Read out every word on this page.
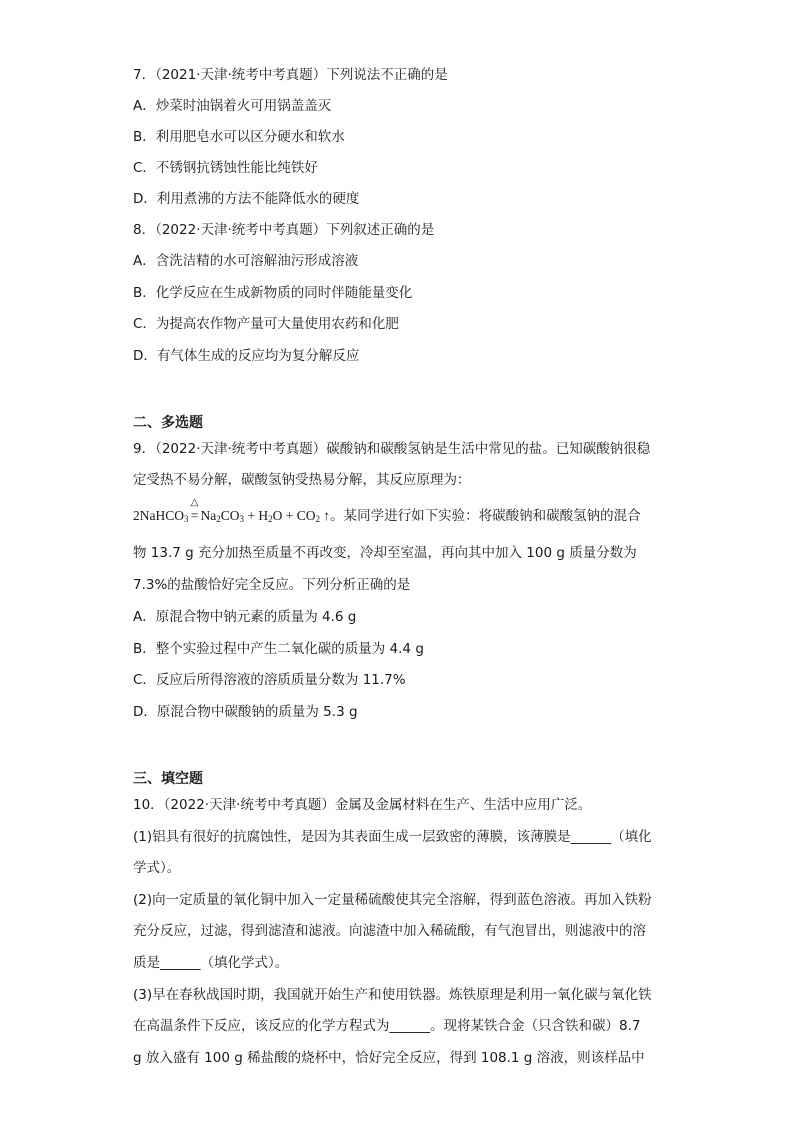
7．（2021·天津·统考中考真题）下列说法不正确的是
A．炒菜时油锅着火可用锅盖盖灭
B．利用肥皂水可以区分硬水和软水
C．不锈钢抗锈蚀性能比纯铁好
D．利用煮沸的方法不能降低水的硬度
8．（2022·天津·统考中考真题）下列叙述正确的是
A．含洗洁精的水可溶解油污形成溶液
B．化学反应在生成新物质的同时伴随能量变化
C．为提高农作物产量可大量使用农药和化肥
D．有气体生成的反应均为复分解反应
二、多选题
9．（2022·天津·统考中考真题）碳酸钠和碳酸氢钠是生活中常见的盐。已知碳酸钠很稳
定受热不易分解，碳酸氢钠受热易分解，其反应原理为：
2NaHCO$_3$
△
= $Na_2CO_3 + H_2O + CO_2$ ↑。某同学进行如下实验：将碳酸钠和碳酸氢钠的混合
物 13.7 g 充分加热至质量不再改变，冷却至室温，再向其中加入 100 g 质量分数为
7.3%的盐酸恰好完全反应。下列分析正确的是
A．原混合物中钠元素的质量为 4.6 g
B．整个实验过程中产生二氧化碳的质量为 4.4 g
C．反应后所得溶液的溶质质量分数为 11.7%
D．原混合物中碳酸钠的质量为 5.3 g
三、填空题
10．（2022·天津·统考中考真题）金属及金属材料在生产、生活中应用广泛。
(1)铝具有很好的抗腐蚀性，是因为其表面生成一层致密的薄膜，该薄膜是______（填化
学式）。
(2)向一定质量的氧化铜中加入一定量稀硫酸使其完全溶解，得到蓝色溶液。再加入铁粉
充分反应，过滤，得到滤渣和滤液。向滤渣中加入稀硫酸，有气泡冒出，则滤液中的溶
质是______（填化学式）。
(3)早在春秋战国时期，我国就开始生产和使用铁器。炼铁原理是利用一氧化碳与氧化铁
在高温条件下反应，该反应的化学方程式为______。现将某铁合金（只含铁和碳）8.7
g 放入盛有 100 g 稀盐酸的烧杯中，恰好完全反应，得到 108.1 g 溶液，则该样品中
